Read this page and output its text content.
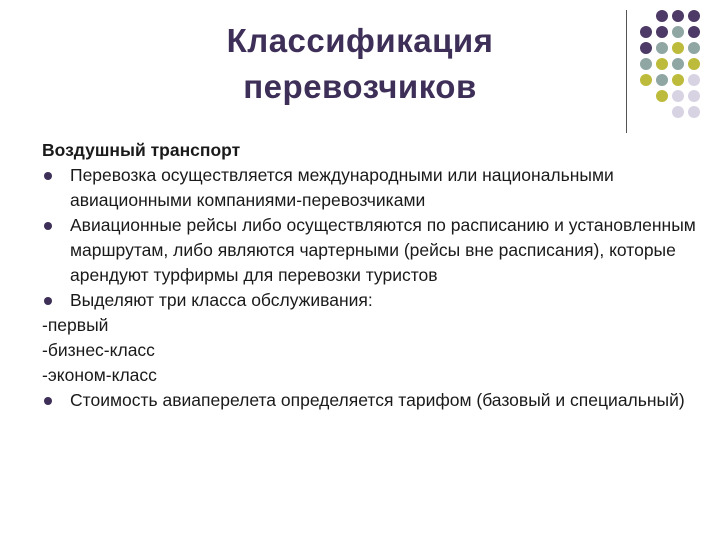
Классификация
перевозчиков
Воздушный транспорт
Перевозка осуществляется международными или национальными авиационными компаниями-перевозчиками
Авиационные рейсы либо осуществляются по расписанию и установленным маршрутам, либо являются чартерными (рейсы вне расписания), которые арендуют турфирмы для перевозки туристов
Выделяют три класса обслуживания:
-первый
-бизнес-класс
-эконом-класс
Стоимость авиаперелета определяется тарифом (базовый и специальный)
